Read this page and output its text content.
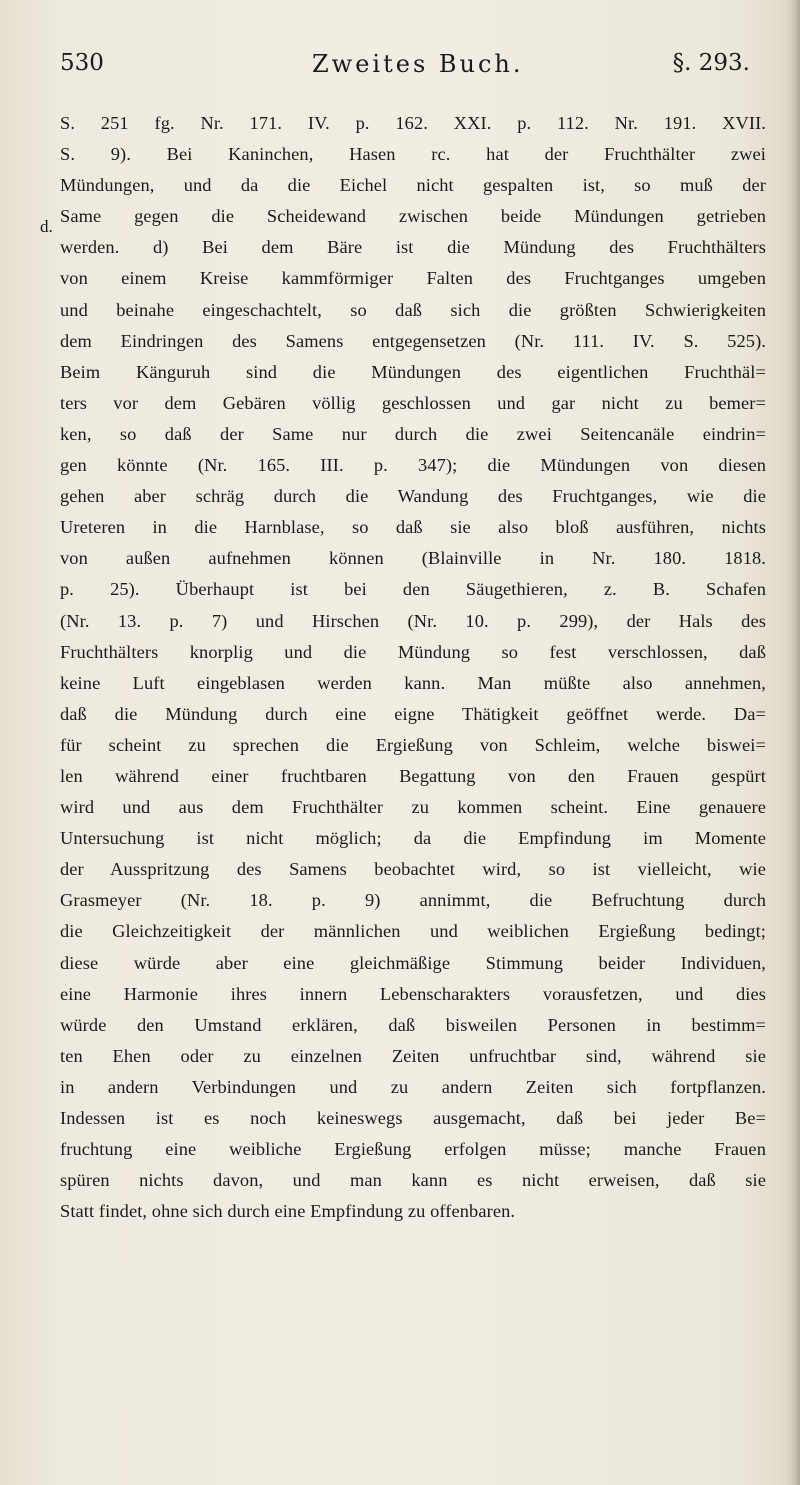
530	Zweites Buch.	§. 293.
d.
S. 251 fg. Nr. 171. IV. p. 162. XXI. p. 112. Nr. 191. XVII.
S. 9). Bei Kaninchen, Hasen rc. hat der Fruchthälter zwei
Mündungen, und da die Eichel nicht gespalten ist, so muß der
Same gegen die Scheidewand zwischen beide Mündungen getrieben
werden. d) Bei dem Bäre ist die Mündung des Fruchthälters
von einem Kreise kammförmiger Falten des Fruchtganges umgeben
und beinahe eingeschachtelt, so daß sich die größten Schwierigkeiten
dem Eindringen des Samens entgegensetzen (Nr. 111. IV. S. 525).
Beim Känguruh sind die Mündungen des eigentlichen Fruchthäl=
ters vor dem Gebären völlig geschlossen und gar nicht zu bemer=
ken, so daß der Same nur durch die zwei Seitencanäle eindrin=
gen könnte (Nr. 165. III. p. 347); die Mündungen von diesen
gehen aber schräg durch die Wandung des Fruchtganges, wie die
Ureteren in die Harnblase, so daß sie also bloß ausführen, nichts
von außen aufnehmen können (Blainville in Nr. 180. 1818.
p. 25). Überhaupt ist bei den Säugethieren, z. B. Schafen
(Nr. 13. p. 7) und Hirschen (Nr. 10. p. 299), der Hals des
Fruchthälters knorplig und die Mündung so fest verschlossen, daß
keine Luft eingeblasen werden kann. Man müßte also annehmen,
daß die Mündung durch eine eigne Thätigkeit geöffnet werde. Da=
für scheint zu sprechen die Ergießung von Schleim, welche biswei=
len während einer fruchtbaren Begattung von den Frauen gespürt
wird und aus dem Fruchthälter zu kommen scheint. Eine genauere
Untersuchung ist nicht möglich; da die Empfindung im Momente
der Ausspritzung des Samens beobachtet wird, so ist vielleicht, wie
Grasmeyer (Nr. 18. p. 9) annimmt, die Befruchtung durch
die Gleichzeitigkeit der männlichen und weiblichen Ergießung bedingt;
diese würde aber eine gleichmäßige Stimmung beider Individuen,
eine Harmonie ihres innern Lebenscharakters vorausfetzen, und dies
würde den Umstand erklären, daß bisweilen Personen in bestimm=
ten Ehen oder zu einzelnen Zeiten unfruchtbar sind, während sie
in andern Verbindungen und zu andern Zeiten sich fortpflanzen.
Indessen ist es noch keineswegs ausgemacht, daß bei jeder Be=
fruchtung eine weibliche Ergießung erfolgen müsse; manche Frauen
spüren nichts davon, und man kann es nicht erweisen, daß sie
Statt findet, ohne sich durch eine Empfindung zu offenbaren.
